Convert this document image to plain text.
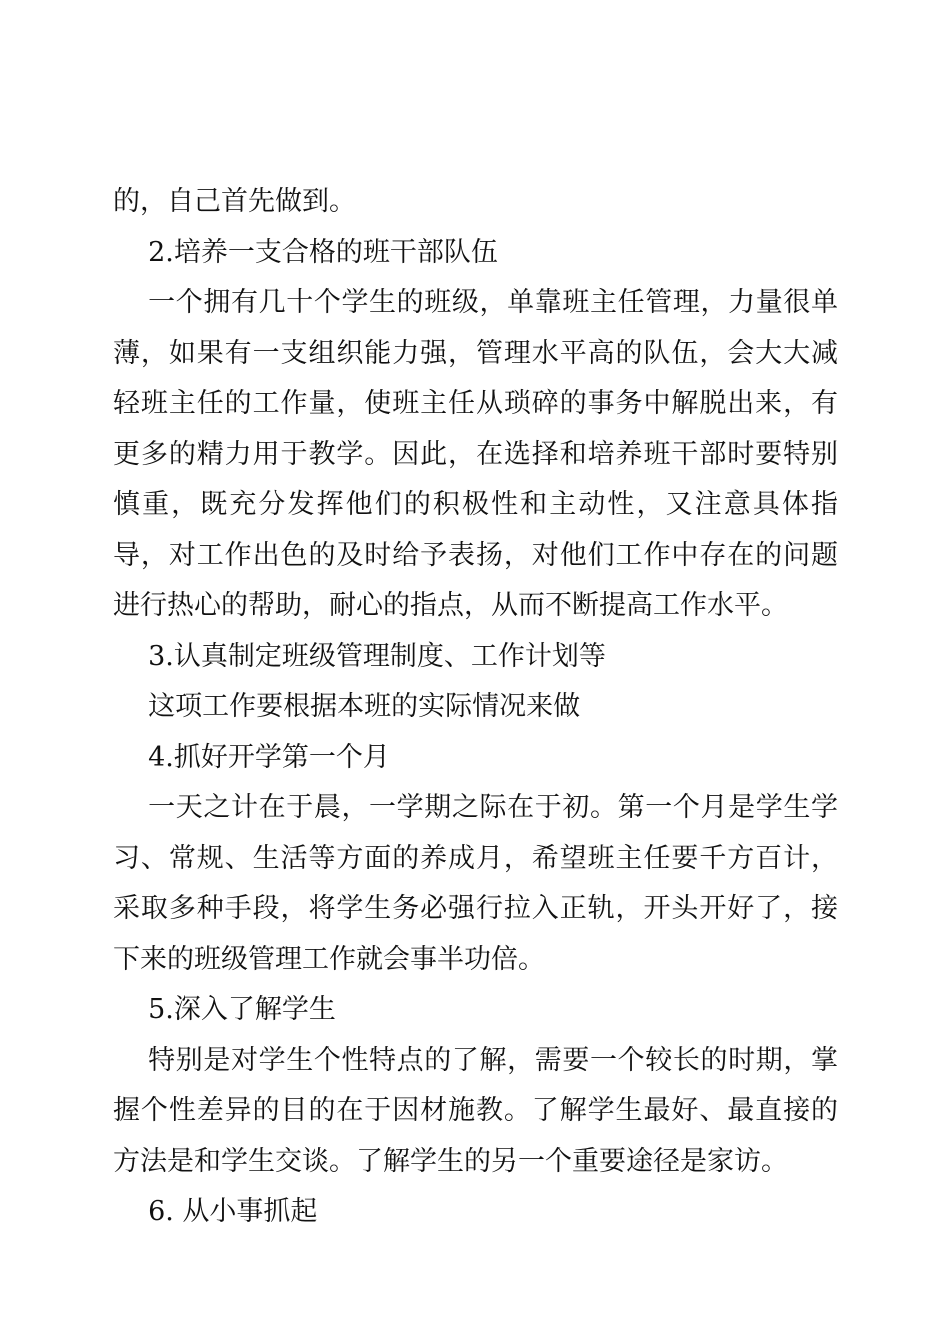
的，自己首先做到。

2.培养一支合格的班干部队伍

一个拥有几十个学生的班级，单靠班主任管理，力量很单薄，如果有一支组织能力强，管理水平高的队伍，会大大减轻班主任的工作量，使班主任从琐碎的事务中解脱出来，有更多的精力用于教学。因此，在选择和培养班干部时要特别慎重，既充分发挥他们的积极性和主动性，又注意具体指导，对工作出色的及时给予表扬，对他们工作中存在的问题进行热心的帮助，耐心的指点，从而不断提高工作水平。

3.认真制定班级管理制度、工作计划等

这项工作要根据本班的实际情况来做

4.抓好开学第一个月

一天之计在于晨，一学期之际在于初。第一个月是学生学习、常规、生活等方面的养成月，希望班主任要千方百计，采取多种手段，将学生务必强行拉入正轨，开头开好了，接下来的班级管理工作就会事半功倍。

5.深入了解学生

特别是对学生个性特点的了解，需要一个较长的时期，掌握个性差异的目的在于因材施教。了解学生最好、最直接的方法是和学生交谈。了解学生的另一个重要途径是家访。

6. 从小事抓起
